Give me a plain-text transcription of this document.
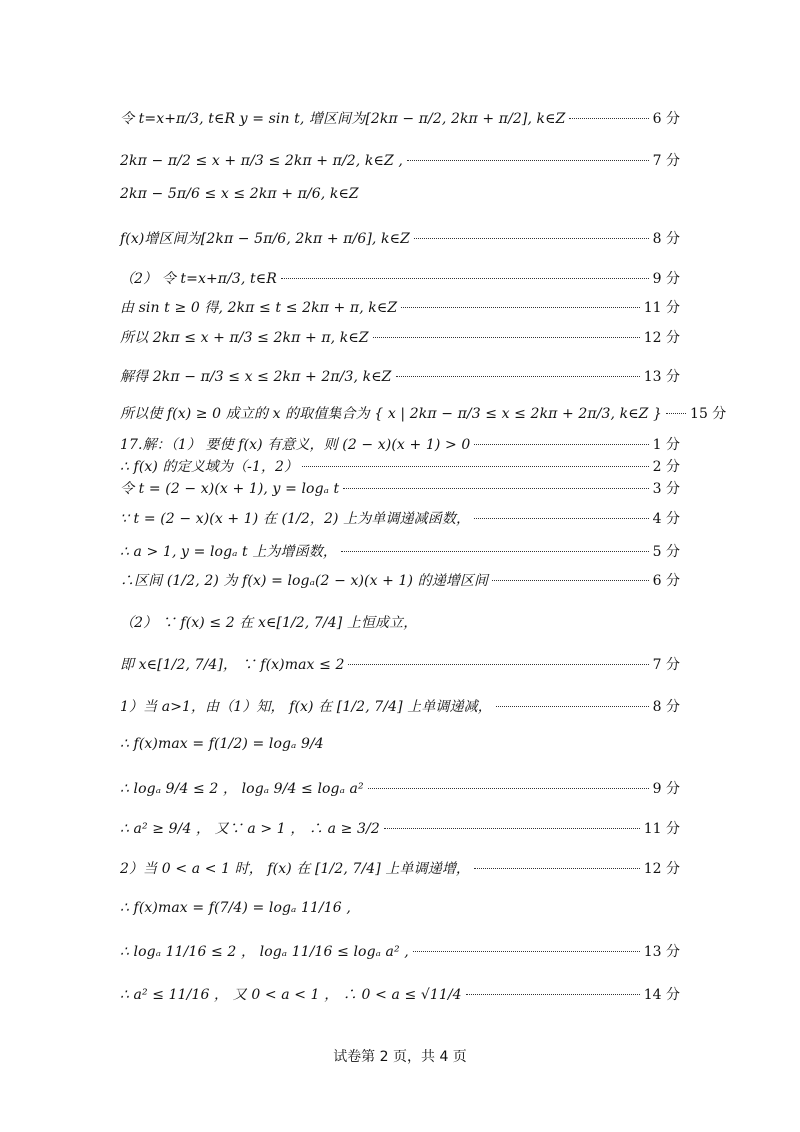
令 t=x+π/3, t∈R y = sin t, 增区间为[2kπ − π/2, 2kπ + π/2], k∈Z	6 分
2kπ − π/2 ≤ x + π/3 ≤ 2kπ + π/2, k∈Z ,	7 分
2kπ − 5π/6 ≤ x ≤ 2kπ + π/6, k∈Z
f(x)增区间为[2kπ − 5π/6, 2kπ + π/6], k∈Z	8 分
（2） 令 t=x+π/3, t∈R	9 分
由 sin t ≥ 0 得, 2kπ ≤ t ≤ 2kπ + π, k∈Z	11 分
所以 2kπ ≤ x + π/3 ≤ 2kπ + π, k∈Z	12 分
解得 2kπ − π/3 ≤ x ≤ 2kπ + 2π/3, k∈Z	13 分
所以使 f(x) ≥ 0 成立的 x 的取值集合为 { x | 2kπ − π/3 ≤ x ≤ 2kπ + 2π/3, k∈Z } 15 分
17.解：（1） 要使 f(x) 有意义，则 (2 − x)(x + 1) > 0	1 分
∴ f(x) 的定义域为（-1，2）	2 分
令 t = (2 − x)(x + 1), y = logₐ t	3 分
∵ t = (2 − x)(x + 1) 在 (1/2，2) 上为单调递减函数，	4 分
∴ a > 1, y = logₐ t 上为增函数，	5 分
∴区间 (1/2, 2) 为 f(x) = logₐ(2 − x)(x + 1) 的递增区间	6 分
（2） ∵ f(x) ≤ 2 在 x∈[1/2, 7/4] 上恒成立，
即 x∈[1/2, 7/4]， ∵ f(x)max ≤ 2	7 分
1）当 a>1，由（1）知， f(x) 在 [1/2, 7/4] 上单调递减，	8 分
∴ f(x)max = f(1/2) = logₐ 9/4
∴ logₐ 9/4 ≤ 2 ， logₐ 9/4 ≤ logₐ a²	9 分
∴ a² ≥ 9/4 ， 又∵ a > 1 ， ∴ a ≥ 3/2	11 分
2）当 0 < a < 1 时， f(x) 在 [1/2, 7/4] 上单调递增，	12 分
∴ f(x)max = f(7/4) = logₐ 11/16 ,
∴ logₐ 11/16 ≤ 2 ， logₐ 11/16 ≤ logₐ a² ,	13 分
∴ a² ≤ 11/16 ， 又 0 < a < 1 ， ∴ 0 < a ≤ √11/4	14 分
试卷第 2 页，共 4 页
